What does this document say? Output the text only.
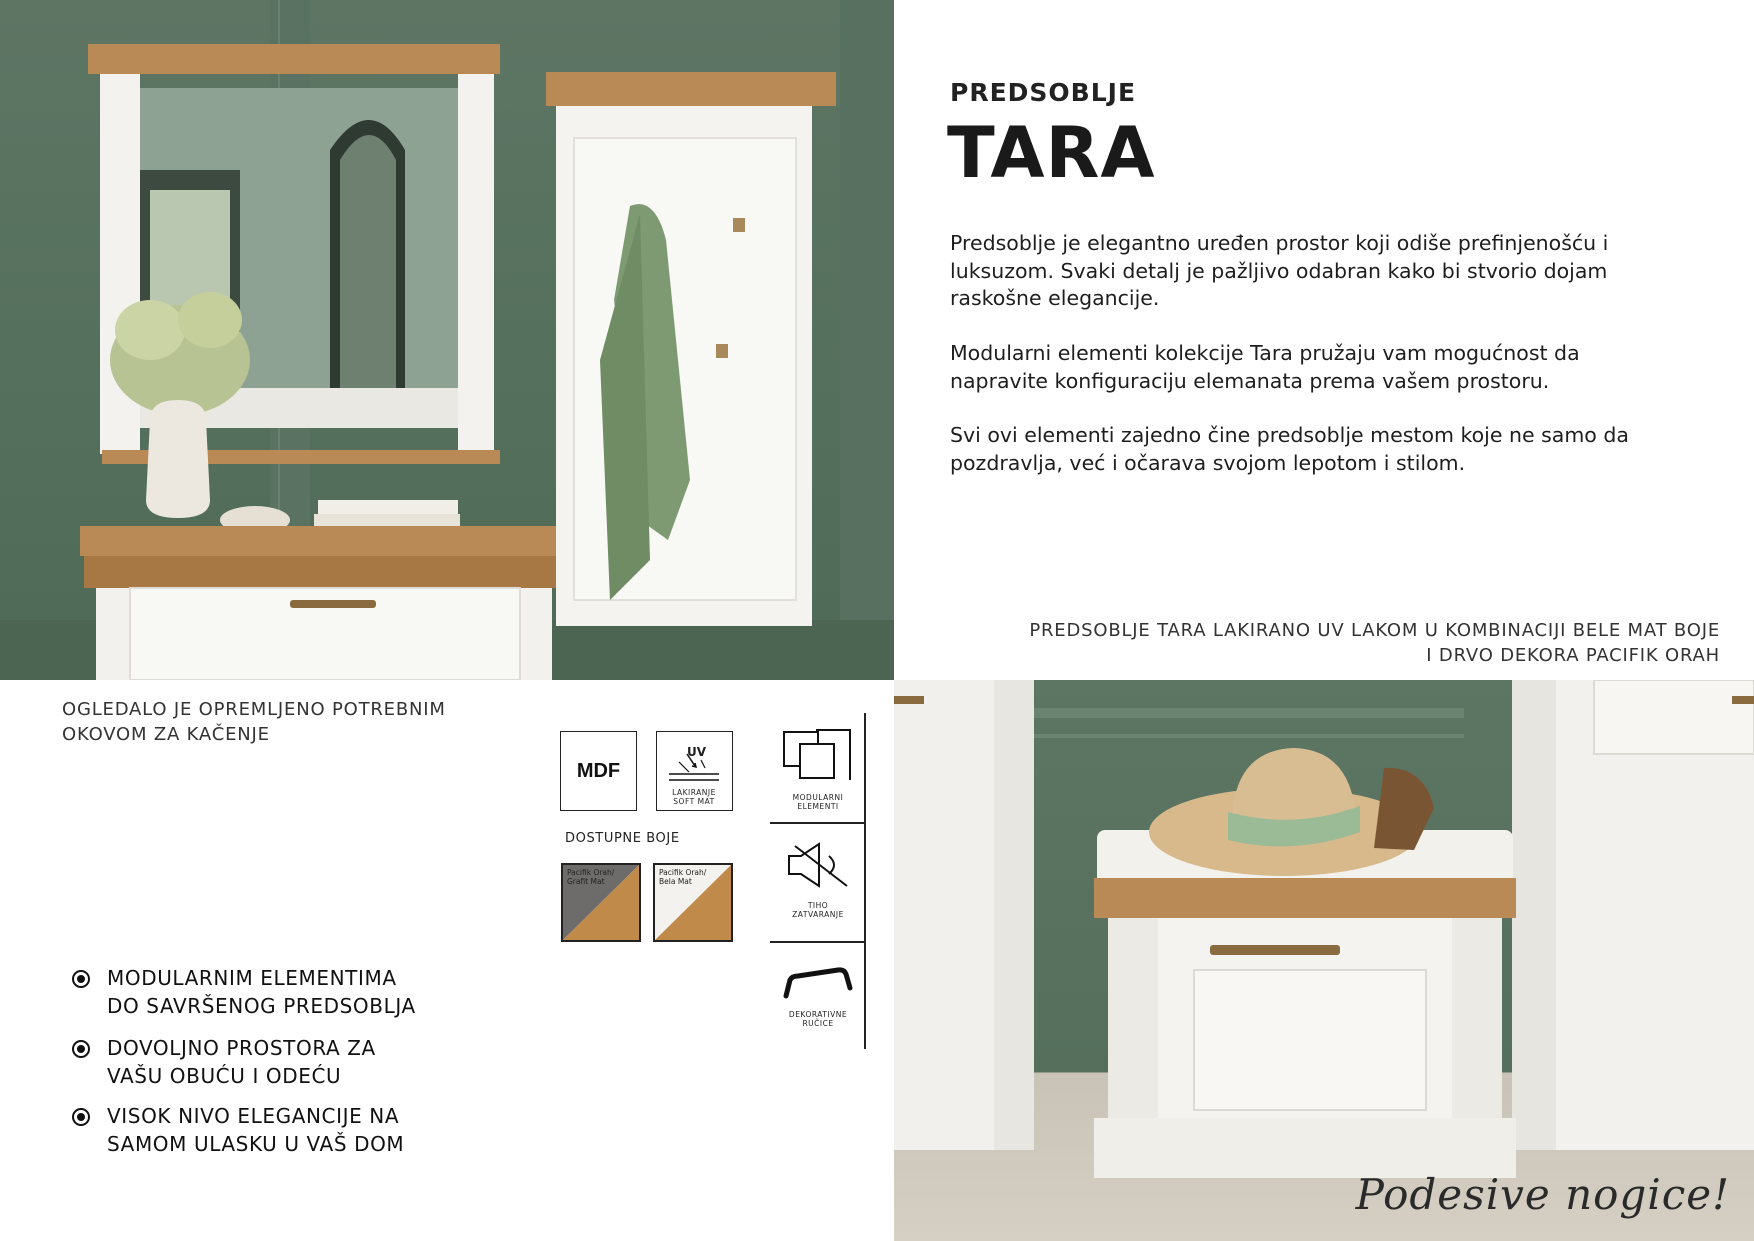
PREDSOBLJE
TARA

Predsoblje je elegantno uređen prostor koji odiše prefinjenošću i luksuzom. Svaki detalj je pažljivo odabran kako bi stvorio dojam raskošne elegancije.

Modularni elementi kolekcije Tara pružaju vam mogućnost da napravite konfiguraciju elemanata prema vašem prostoru.

Svi ovi elementi zajedno čine predsoblje mestom koje ne samo da pozdravlja, već i očarava svojom lepotom i stilom.

PREDSOBLJE TARA LAKIRANO UV LAKOM U KOMBINACIJI BELE MAT BOJE
I DRVO DEKORA PACIFIK ORAH
OGLEDALO JE OPREMLJENO POTREBNIM
OKOVOM ZA KAČENJE
MDF
UV
LAKIRANJE
SOFT MAT
DOSTUPNE BOJE
Pacifik Orah/
Grafit Mat
Pacifik Orah/
Bela Mat
MODULARNI
ELEMENTI
TIHO
ZATVARANJE
DEKORATIVNE
RUČICE
MODULARNIM ELEMENTIMA
DO SAVRŠENOG PREDSOBLJA
DOVOLJNO PROSTORA ZA
VAŠU OBUĆU I ODEĆU
VISOK NIVO ELEGANCIJE NA
SAMOM ULASKU U VAŠ DOM
Podesive nogice!
